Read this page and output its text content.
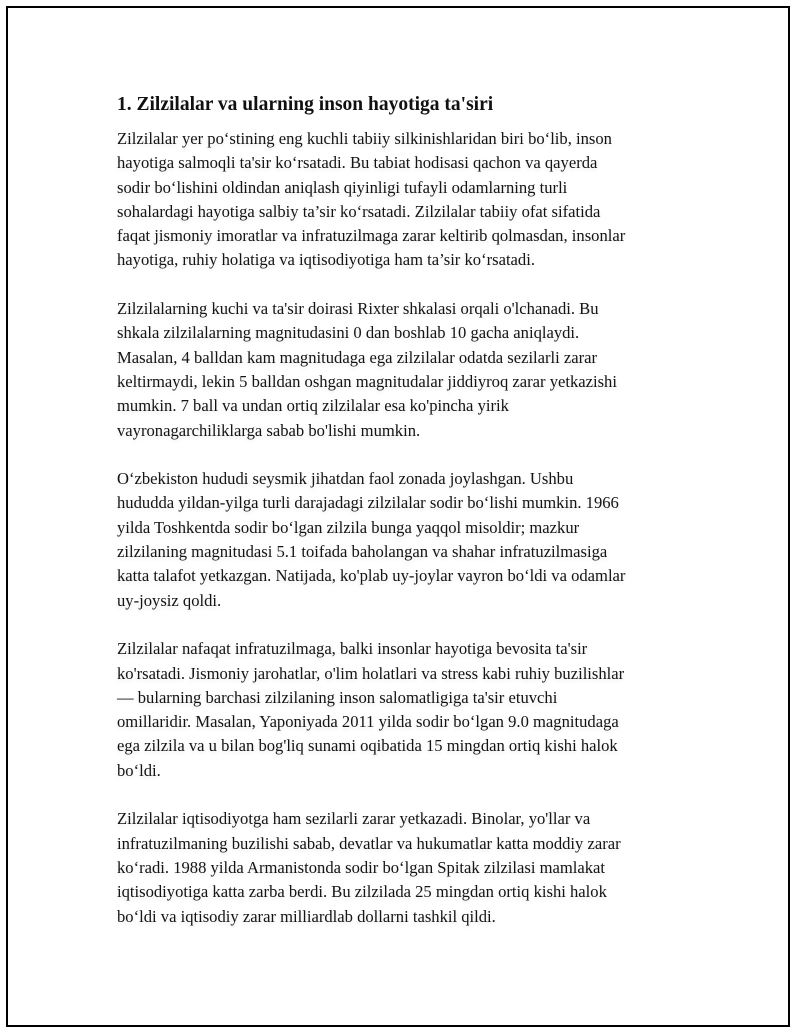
1. Zilzilalar va ularning inson hayotiga ta'siri

Zilzilalar yer po‘stining eng kuchli tabiiy silkinishlaridan biri bo‘lib, inson
hayotiga salmoqli ta'sir ko‘rsatadi. Bu tabiat hodisasi qachon va qayerda
sodir bo‘lishini oldindan aniqlash qiyinligi tufayli odamlarning turli
sohalardagi hayotiga salbiy ta’sir ko‘rsatadi. Zilzilalar tabiiy ofat sifatida
faqat jismoniy imoratlar va infratuzilmaga zarar keltirib qolmasdan, insonlar
hayotiga, ruhiy holatiga va iqtisodiyotiga ham ta’sir ko‘rsatadi.

Zilzilalarning kuchi va ta'sir doirasi Rixter shkalasi orqali o'lchanadi. Bu
shkala zilzilalarning magnitudasini 0 dan boshlab 10 gacha aniqlaydi.
Masalan, 4 balldan kam magnitudaga ega zilzilalar odatda sezilarli zarar
keltirmaydi, lekin 5 balldan oshgan magnitudalar jiddiyroq zarar yetkazishi
mumkin. 7 ball va undan ortiq zilzilalar esa ko'pincha yirik
vayronagarchiliklarga sabab bo'lishi mumkin.

O‘zbekiston hududi seysmik jihatdan faol zonada joylashgan. Ushbu
hududda yildan-yilga turli darajadagi zilzilalar sodir bo‘lishi mumkin. 1966
yilda Toshkentda sodir bo‘lgan zilzila bunga yaqqol misoldir; mazkur
zilzilaning magnitudasi 5.1 toifada baholangan va shahar infratuzilmasiga
katta talafot yetkazgan. Natijada, ko'plab uy-joylar vayron bo‘ldi va odamlar
uy-joysiz qoldi.

Zilzilalar nafaqat infratuzilmaga, balki insonlar hayotiga bevosita ta'sir
ko'rsatadi. Jismoniy jarohatlar, o'lim holatlari va stress kabi ruhiy buzilishlar
— bularning barchasi zilzilaning inson salomatligiga ta'sir etuvchi
omillaridir. Masalan, Yaponiyada 2011 yilda sodir bo‘lgan 9.0 magnitudaga
ega zilzila va u bilan bog'liq sunami oqibatida 15 mingdan ortiq kishi halok
bo‘ldi.

Zilzilalar iqtisodiyotga ham sezilarli zarar yetkazadi. Binolar, yo'llar va
infratuzilmaning buzilishi sabab, devatlar va hukumatlar katta moddiy zarar
ko‘radi. 1988 yilda Armanistonda sodir bo‘lgan Spitak zilzilasi mamlakat
iqtisodiyotiga katta zarba berdi. Bu zilzilada 25 mingdan ortiq kishi halok
bo‘ldi va iqtisodiy zarar milliardlab dollarni tashkil qildi.
